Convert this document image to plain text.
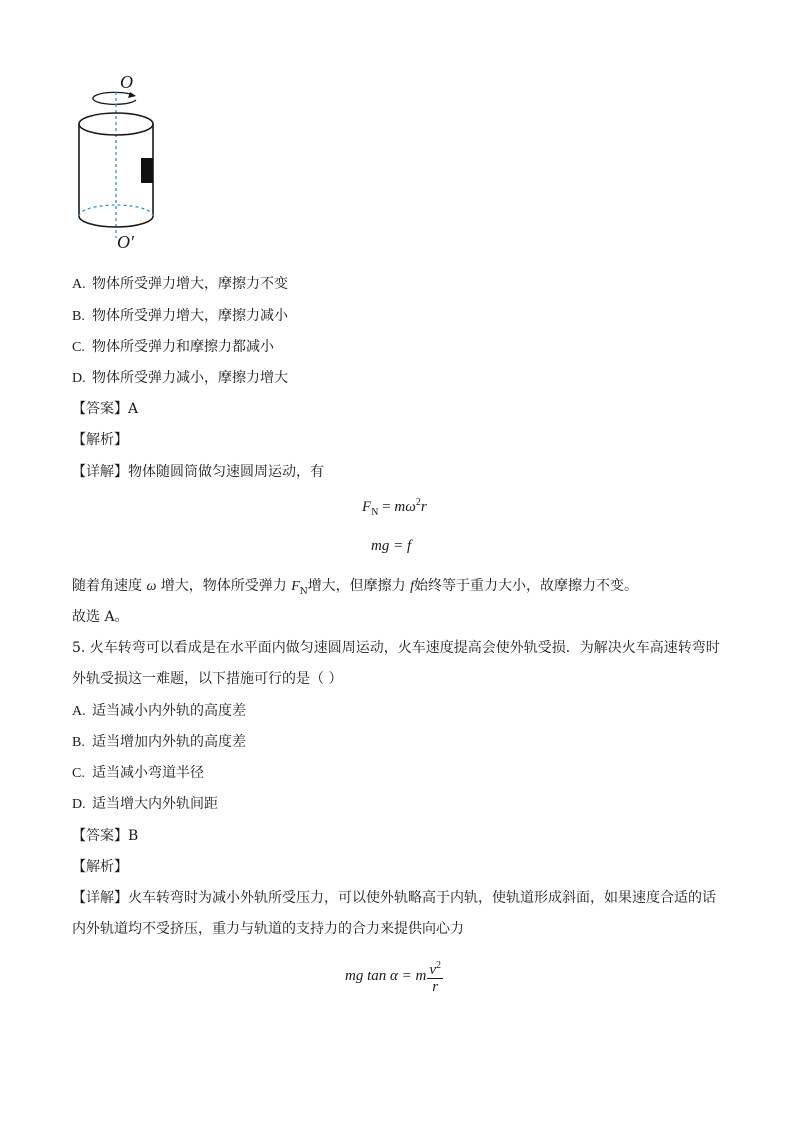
O
O′
A. 物体所受弹力增大，摩擦力不变
B. 物体所受弹力增大，摩擦力减小
C. 物体所受弹力和摩擦力都减小
D. 物体所受弹力减小，摩擦力增大
【答案】A
【解析】
【详解】物体随圆筒做匀速圆周运动，有
$F_N = m\omega^2r$
mg = f
随着角速度 ω 增大，物体所受弹力 $F_N$增大，但摩擦力 f始终等于重力大小，故摩擦力不变。
故选 A。
5. 火车转弯可以看成是在水平面内做匀速圆周运动，火车速度提高会使外轨受损．为解决火车高速转弯时
外轨受损这一难题，以下措施可行的是（ ）
A. 适当减小内外轨的高度差
B. 适当增加内外轨的高度差
C. 适当减小弯道半径
D. 适当增大内外轨间距
【答案】B
【解析】
【详解】火车转弯时为减小外轨所受压力，可以使外轨略高于内轨，使轨道形成斜面，如果速度合适的话
内外轨道均不受挤压，重力与轨道的支持力的合力来提供向心力
mg tan α = m $\frac{v^2}{r}$
